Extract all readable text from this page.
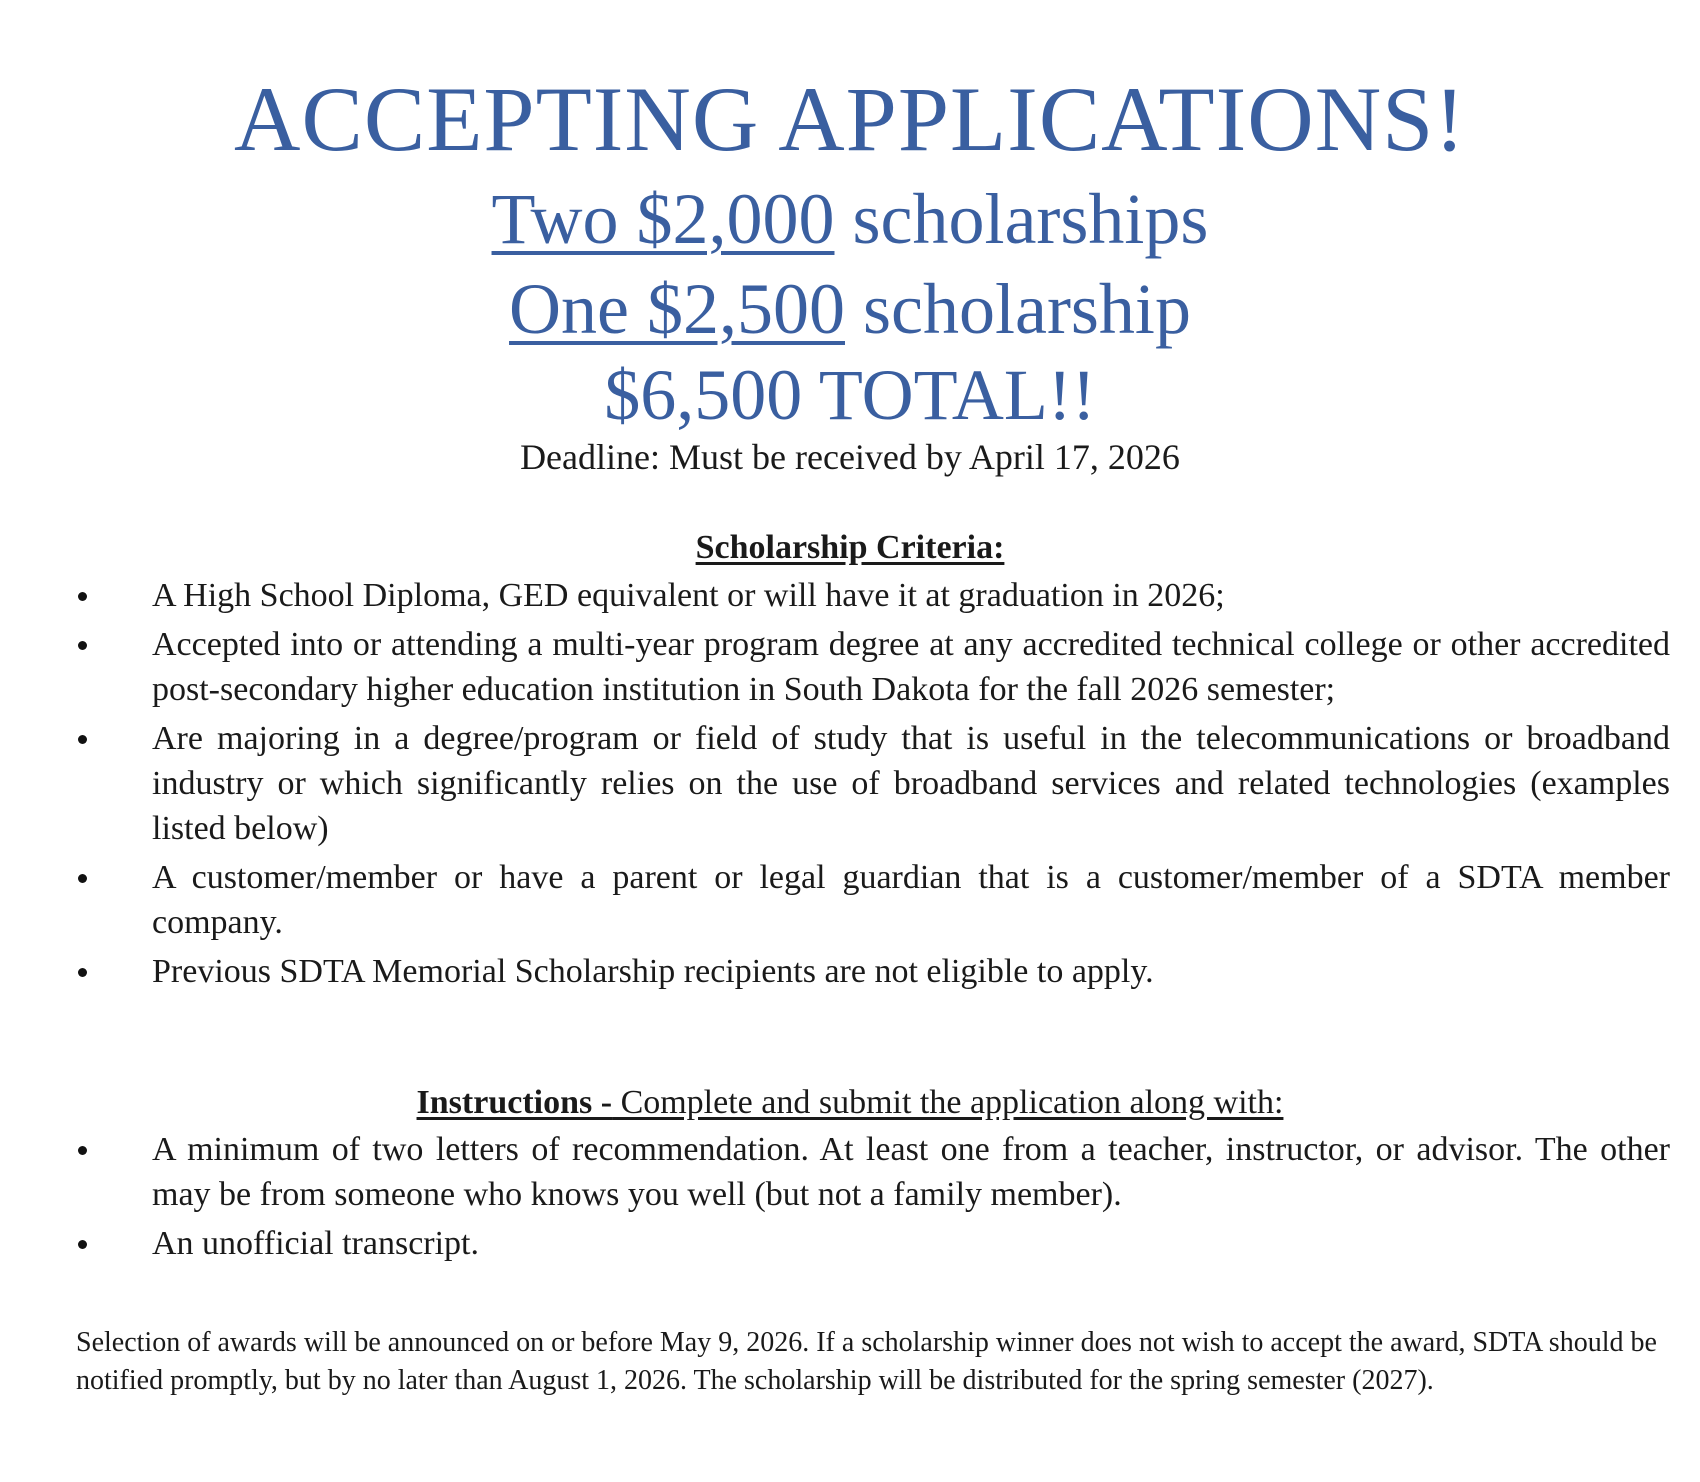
ACCEPTING APPLICATIONS!

Two $2,000 scholarships

One $2,500 scholarship

$6,500 TOTAL!!

Deadline: Must be received by April 17, 2026
Scholarship Criteria:
A High School Diploma, GED equivalent or will have it at graduation in 2026;
Accepted into or attending a multi-year program degree at any accredited technical college or other accredited post-secondary higher education institution in South Dakota for the fall 2026 semester;
Are majoring in a degree/program or field of study that is useful in the telecommunications or broadband industry or which significantly relies on the use of broadband services and related technologies (examples listed below)
A customer/member or have a parent or legal guardian that is a customer/member of a SDTA member company.
Previous SDTA Memorial Scholarship recipients are not eligible to apply.
Instructions - Complete and submit the application along with:
A minimum of two letters of recommendation. At least one from a teacher, instructor, or advisor. The other may be from someone who knows you well (but not a family member).
An unofficial transcript.

Selection of awards will be announced on or before May 9, 2026. If a scholarship winner does not wish to accept the award, SDTA should be notified promptly, but by no later than August 1, 2026. The scholarship will be distributed for the spring semester (2027).
